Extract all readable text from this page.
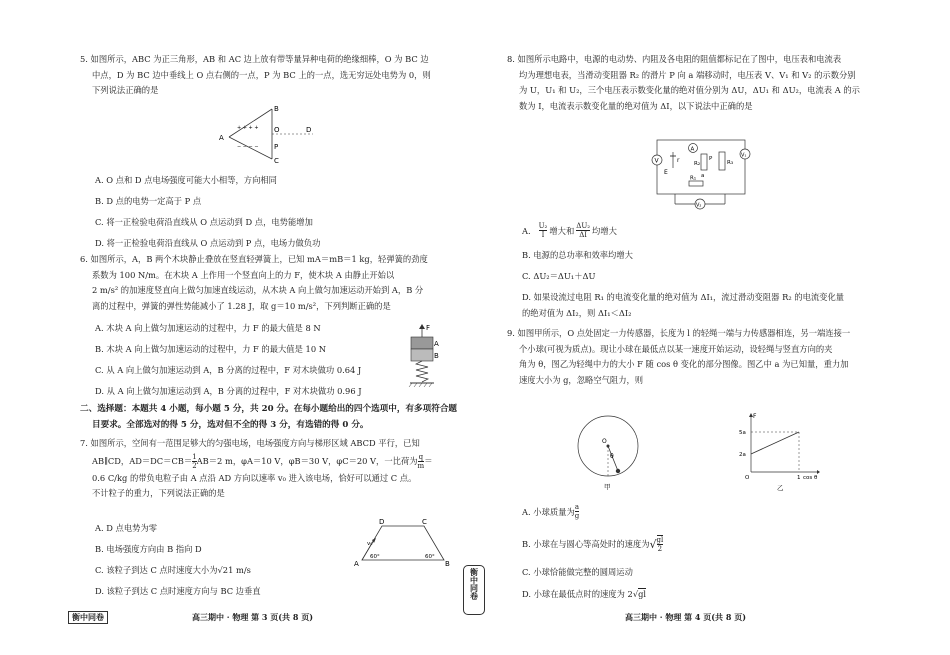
5. 如图所示，ABC 为正三角形，AB 和 AC 边上放有带等量异种电荷的绝缘细棒，O 为 BC 边
中点，D 为 BC 边中垂线上 O 点右侧的一点，P 为 BC 上的一点，选无穷远处电势为 0，则
下列说法正确的是
+ + + +
− − − −
A
B
C
O	D
P
A. O 点和 D 点电场强度可能大小相等，方向相同
B. D 点的电势一定高于 P 点
C. 将一正检验电荷沿直线从 O 点运动到 D 点，电势能增加
D. 将一正检验电荷沿直线从 O 点运动到 P 点，电场力做负功
6. 如图所示，A，B 两个木块静止叠放在竖直轻弹簧上，已知 mA＝mB＝1 kg，轻弹簧的劲度
系数为 100 N/m。在木块 A 上作用一个竖直向上的力 F，使木块 A 由静止开始以
2 m/s² 的加速度竖直向上做匀加速直线运动，从木块 A 向上做匀加速运动开始到 A，B 分
离的过程中，弹簧的弹性势能减小了 1.28 J，取 g＝10 m/s²，下列判断正确的是
F
A
B
A. 木块 A 向上做匀加速运动的过程中，力 F 的最大值是 8 N
B. 木块 A 向上做匀加速运动的过程中，力 F 的最大值是 10 N
C. 从 A 向上做匀加速运动到 A，B 分离的过程中，F 对木块做功 0.64 J
D. 从 A 向上做匀加速运动到 A，B 分离的过程中，F 对木块做功 0.96 J
二、选择题：本题共 4 小题，每小题 5 分，共 20 分。在每小题给出的四个选项中，有多项符合题
目要求。全部选对的得 5 分，选对但不全的得 3 分，有选错的得 0 分。
7. 如图所示，空间有一范围足够大的匀强电场，电场强度方向与梯形区域 ABCD 平行，已知
AB∥CD，$AD=DC=CB= \frac{1}{2} AB=2$ m，φA＝10 V，φB＝30 V，φC＝20 V，一比荷为 $\frac{q}{m}$ ＝
0.6 C/kg 的带负电粒子由 A 点沿 AD 方向以速率 v₀ 进入该电场，恰好可以通过 C 点。
不计粒子的重力，下列说法正确的是
D	C
A	B
v₀
60°	60°
A. D 点电势为零
B. 电场强度方向由 B 指向 D
C. 该粒子到达 C 点时速度大小为√21 m/s
D. 该粒子到达 C 点时速度方向与 BC 边垂直
衡中同卷	高三期中 · 物理 第 3 页(共 8 页)
衡中同卷
8. 如图所示电路中，电源的电动势、内阻及各电阻的阻值都标记在了图中，电压表和电流表
均为理想电表，当滑动变阻器 R₂ 的滑片 P 向 a 端移动时，电压表 V、V₁ 和 V₂ 的示数分别
为 U，U₁ 和 U₂，三个电压表示数变化量的绝对值分别为 ΔU，ΔU₁ 和 ΔU₂，电流表 A 的示
数为 I，电流表示数变化量的绝对值为 ΔI，以下说法中正确的是
V
E
r
A
P
R₂
a
R₁
R₃
V₁
V₂
A. $\frac{\text{U₂}}{I}$ 增大和 $\frac{\text{ΔU₂}}{\Delta I}$ 均增大
B. 电源的总功率和效率均增大
C. ΔU₂＝ΔU₁＋ΔU
D. 如果设流过电阻 R₁ 的电流变化量的绝对值为 ΔI₁，流过滑动变阻器 R₂ 的电流变化量
的绝对值为 ΔI₂，则 ΔI₁＜ΔI₂
9. 如图甲所示，O 点处固定一力传感器，长度为 l 的轻绳一端与力传感器相连，另一端连接一
个小球(可视为质点)。现让小球在最低点以某一速度开始运动，设轻绳与竖直方向的夹
角为 θ，图乙为轻绳中力的大小 F 随 cos θ 变化的部分图像。图乙中 a 为已知量，重力加
速度大小为 g，忽略空气阻力，则
O
θ
甲
F
5a
2a
O	1 cos θ
乙
A. 小球质量为 $\frac{a}{g}$
B. 小球在与圆心等高处时的速度为 √ $\frac{gl}{2}$
C. 小球恰能做完整的圆周运动
D. 小球在最低点时的速度为 2√gl
高三期中 · 物理 第 4 页(共 8 页)
